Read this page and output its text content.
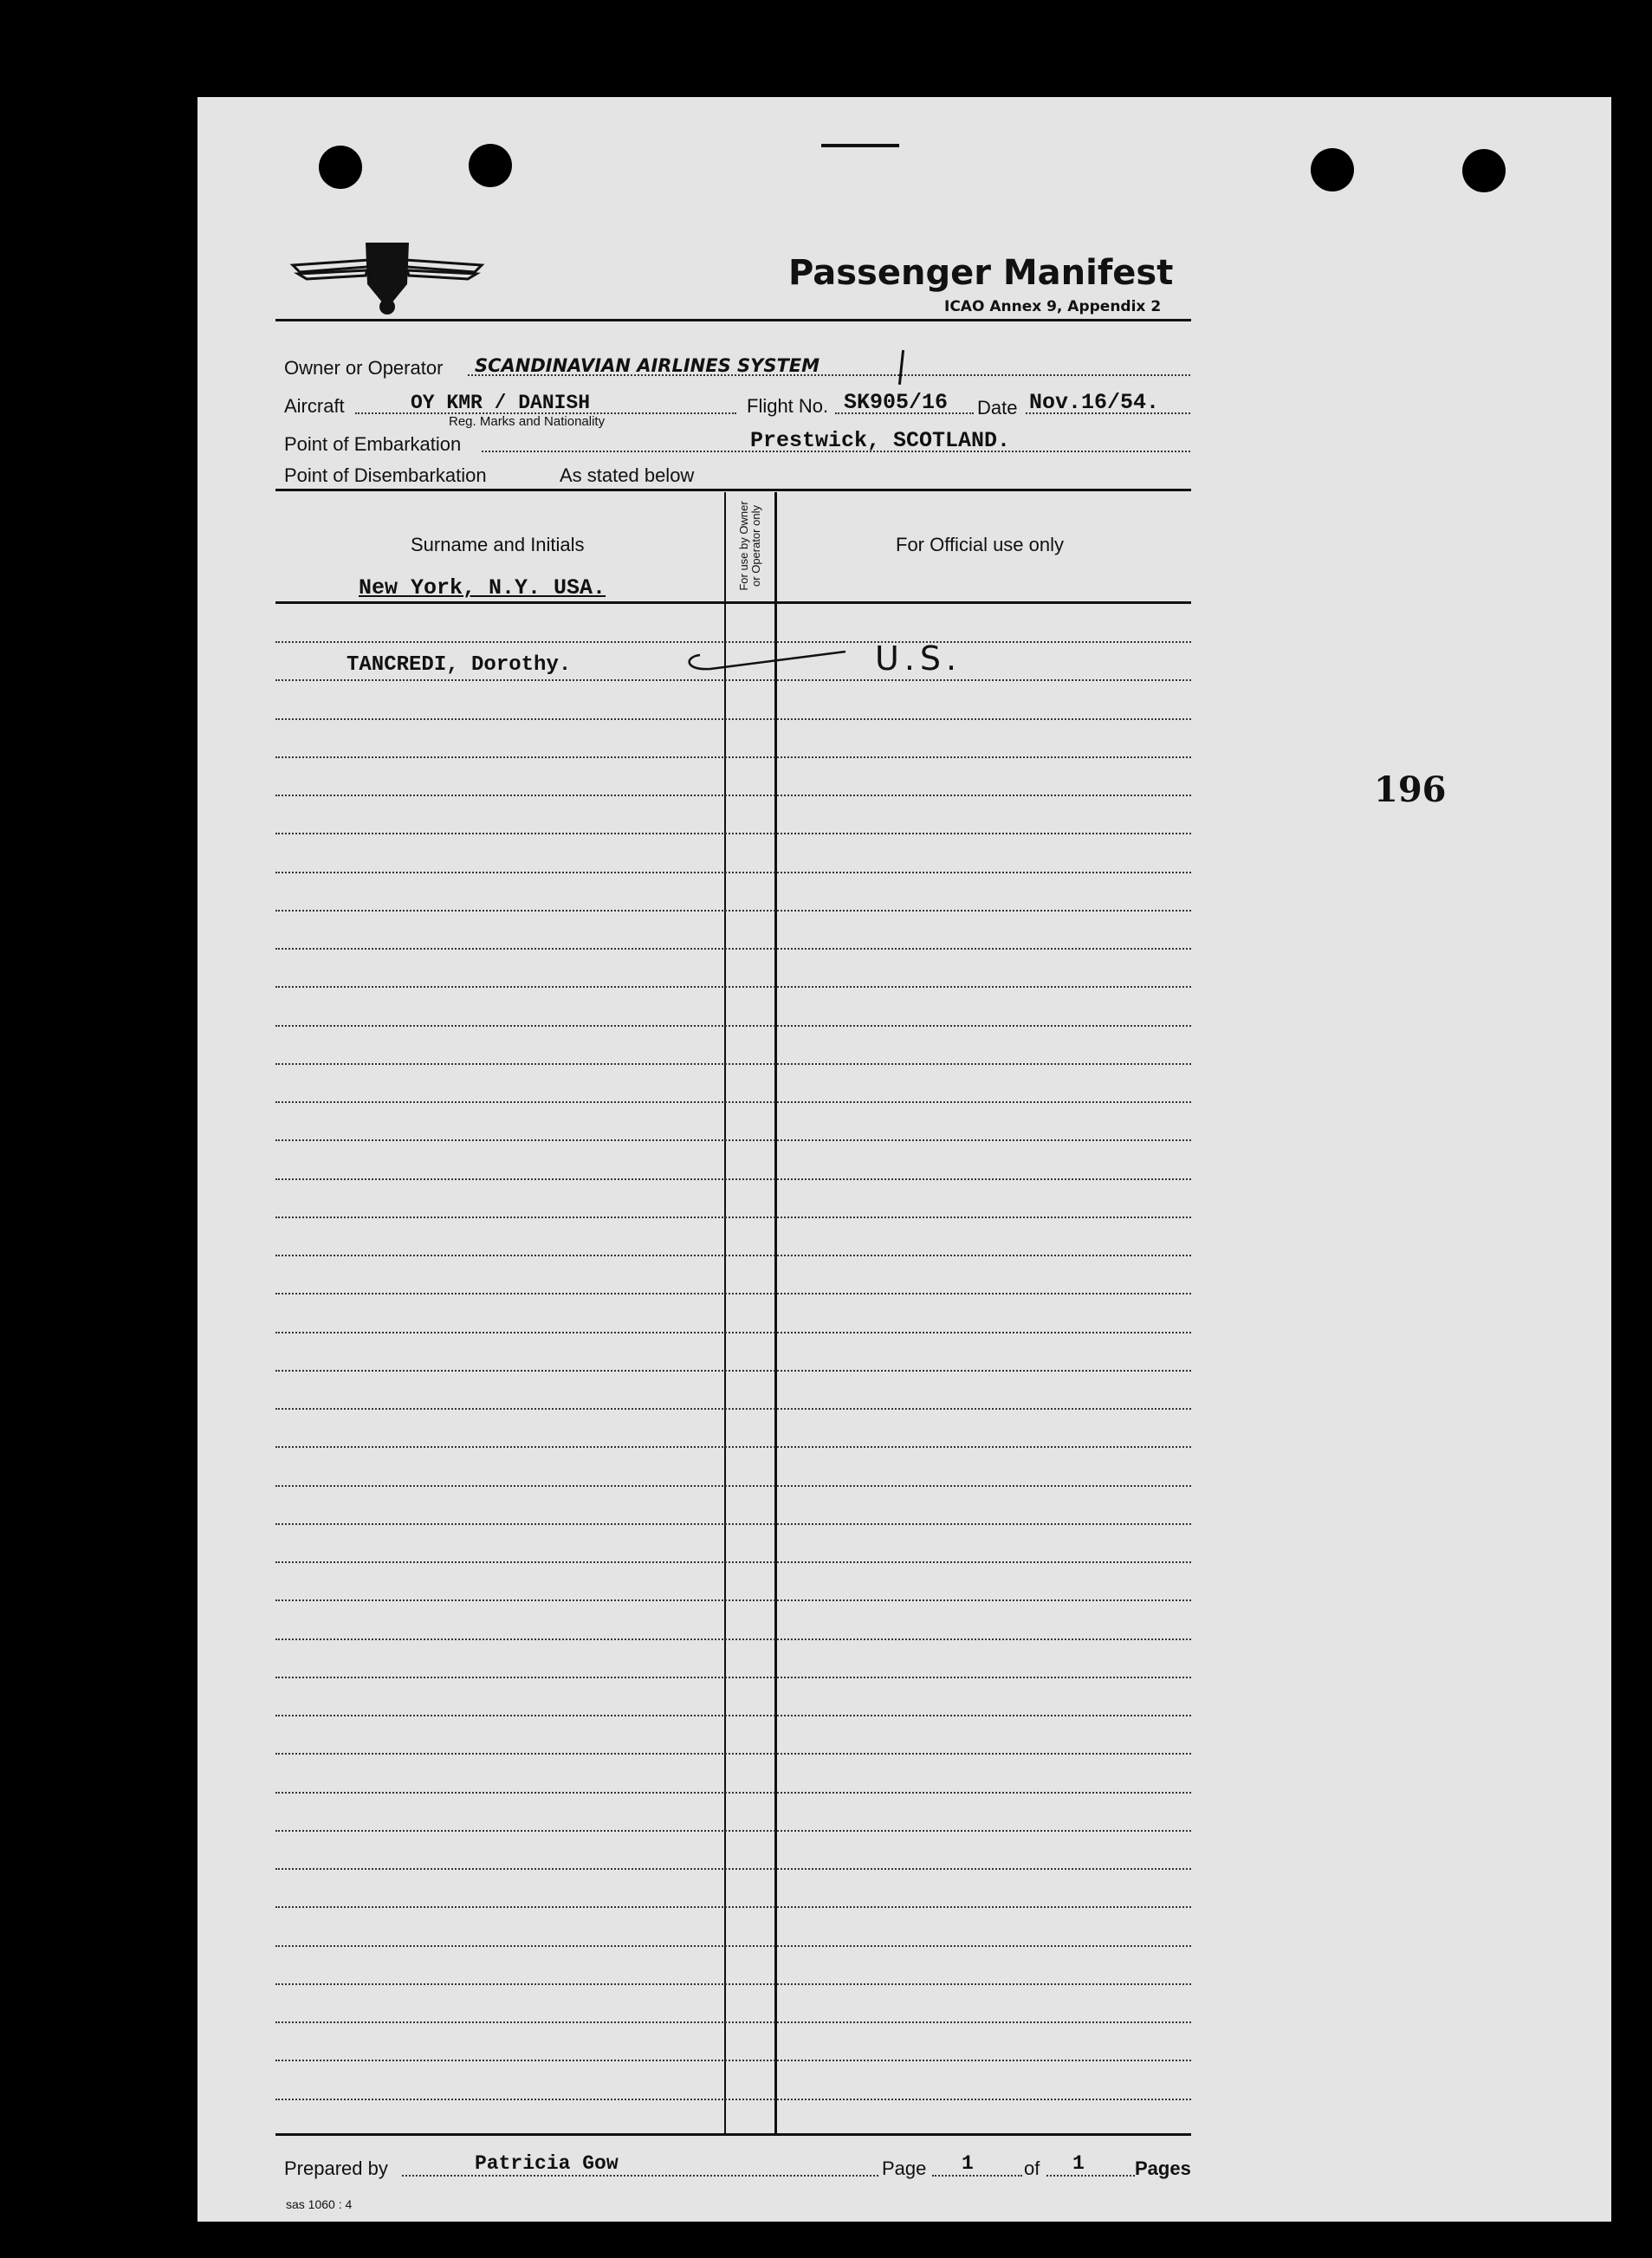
Passenger Manifest
ICAO Annex 9, Appendix 2
Owner or Operator SCANDINAVIAN AIRLINES SYSTEM
Aircraft	OY KMR / DANISH
Reg. Marks and Nationality
Flight No. SK905/16 Date Nov.16/54.
Point of Embarkation	Prestwick, SCOTLAND.
Point of Disembarkation	As stated below
Surname and Initials	For Official use only
For use by Owner or Operator only
New York, N.Y. USA.
TANCREDI, Dorothy.	U.S.
Prepared by	Patricia Gow	Page 1	of 1	Pages
sas 1060 : 4
196
